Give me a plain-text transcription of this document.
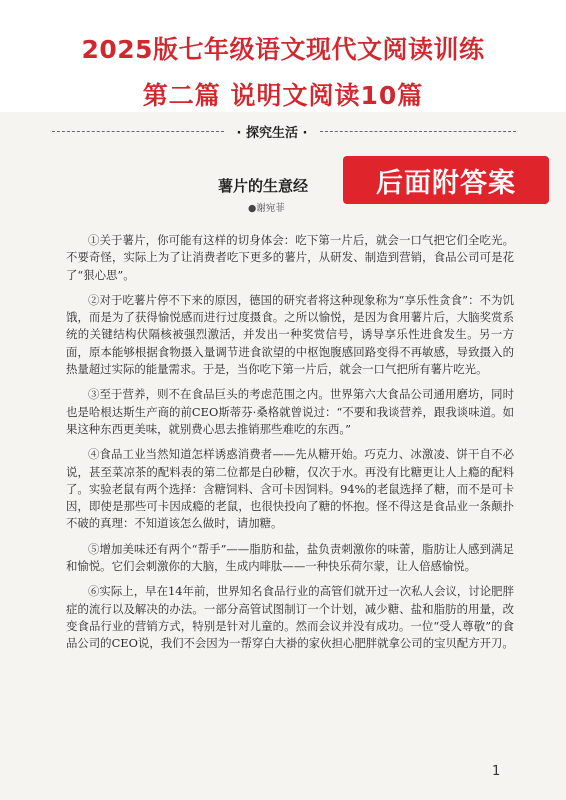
2025版七年级语文现代文阅读训练
第二篇 说明文阅读10篇
· 探究生活 ·
薯片的生意经
●谢宛菲
后面附答案

①关于薯片，你可能有这样的切身体会：吃下第一片后，就会一口气把它们全吃光。不要奇怪，实际上为了让消费者吃下更多的薯片，从研发、制造到营销，食品公司可是花了“狠心思”。

②对于吃薯片停不下来的原因，德国的研究者将这种现象称为“享乐性贪食”：不为饥饿，而是为了获得愉悦感而进行过度摄食。之所以愉悦，是因为食用薯片后，大脑奖赏系统的关键结构伏隔核被强烈激活，并发出一种奖赏信号，诱导享乐性进食发生。另一方面，原本能够根据食物摄入量调节进食欲望的中枢饱腹感回路变得不再敏感，导致摄入的热量超过实际的能量需求。于是，当你吃下第一片后，就会一口气把所有薯片吃光。

③至于营养，则不在食品巨头的考虑范围之内。世界第六大食品公司通用磨坊，同时也是哈根达斯生产商的前CEO斯蒂芬·桑格就曾说过：“不要和我谈营养，跟我谈味道。如果这种东西更美味，就别费心思去推销那些难吃的东西。”

④食品工业当然知道怎样诱惑消费者——先从糖开始。巧克力、冰激凌、饼干自不必说，甚至菜凉茶的配料表的第二位都是白砂糖，仅次于水。再没有比糖更让人上瘾的配料了。实验老鼠有两个选择：含糖饲料、含可卡因饲料。94%的老鼠选择了糖，而不是可卡因，即使是那些可卡因成瘾的老鼠，也很快投向了糖的怀抱。怪不得这是食品业一条颠扑不破的真理：不知道该怎么做时，请加糖。

⑤增加美味还有两个“帮手”——脂肪和盐，盐负责刺激你的味蕾，脂肪让人感到满足和愉悦。它们会刺激你的大脑，生成内啡肽——一种快乐荷尔蒙，让人倍感愉悦。

⑥实际上，早在14年前，世界知名食品行业的高管们就开过一次私人会议，讨论肥胖症的流行以及解决的办法。一部分高管试图制订一个计划，减少糖、盐和脂肪的用量，改变食品行业的营销方式，特别是针对儿童的。然而会议并没有成功。一位“受人尊敬”的食品公司的CEO说，我们不会因为一帮穿白大褂的家伙担心肥胖就拿公司的宝贝配方开刀。

1
